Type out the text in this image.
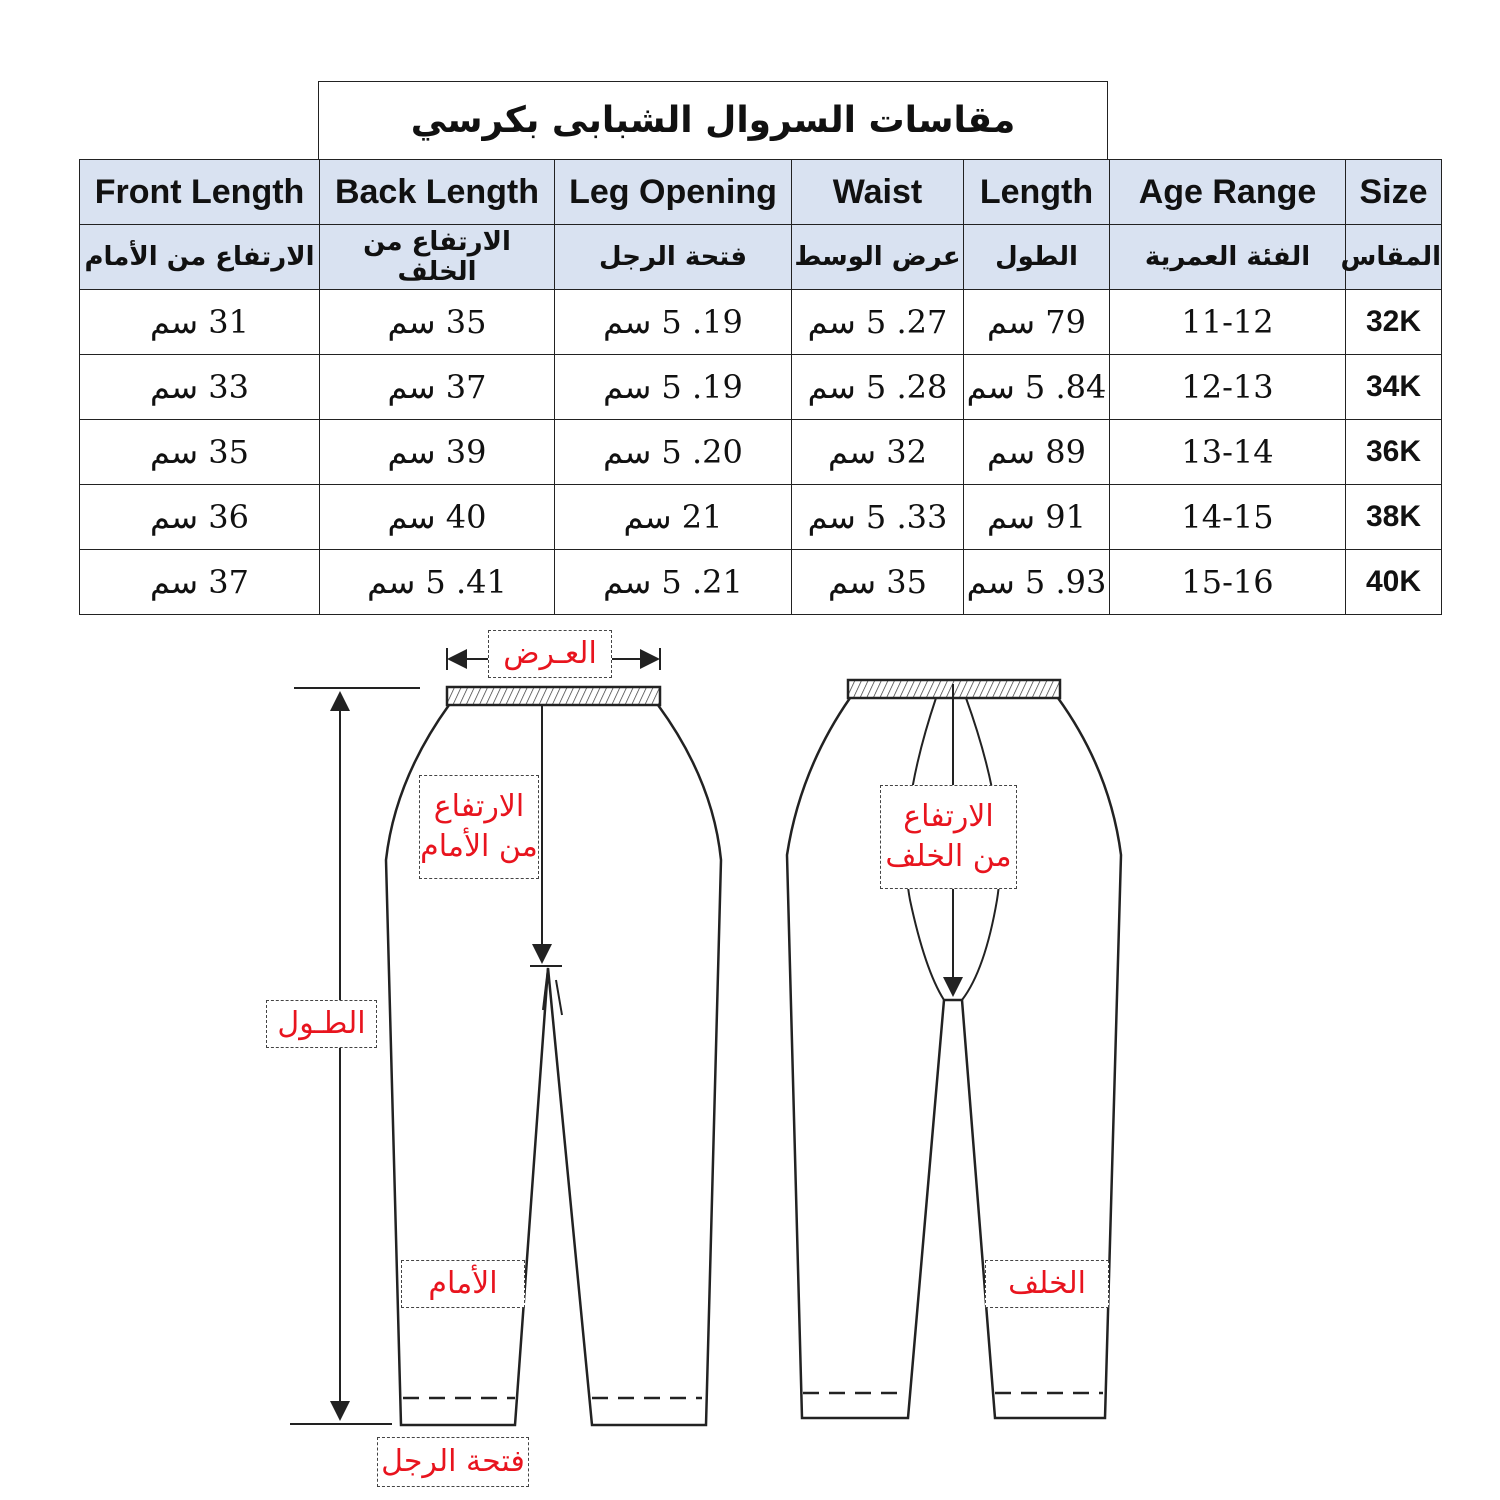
مقاسات السروال الشبابى بكرسي
Front Length	Back Length	Leg Opening	Waist	Length	Age Range	Size
الارتفاع من الأمام	الارتفاع من الخلف	فتحة الرجل	عرض الوسط	الطول	الفئة العمرية	المقاس
31 سم	35 سم	19. 5 سم	27. 5 سم	79 سم	11-12	32K
33 سم	37 سم	19. 5 سم	28. 5 سم	84. 5 سم	12-13	34K
35 سم	39 سم	20. 5 سم	32 سم	89 سم	13-14	36K
36 سم	40 سم	21 سم	33. 5 سم	91 سم	14-15	38K
37 سم	41. 5 سم	21. 5 سم	35 سم	93. 5 سم	15-16	40K
العـرض
الارتفاع من الأمام
الارتفاع من الخلف
الطـول
الأمام	الخلف
فتحة الرجل
